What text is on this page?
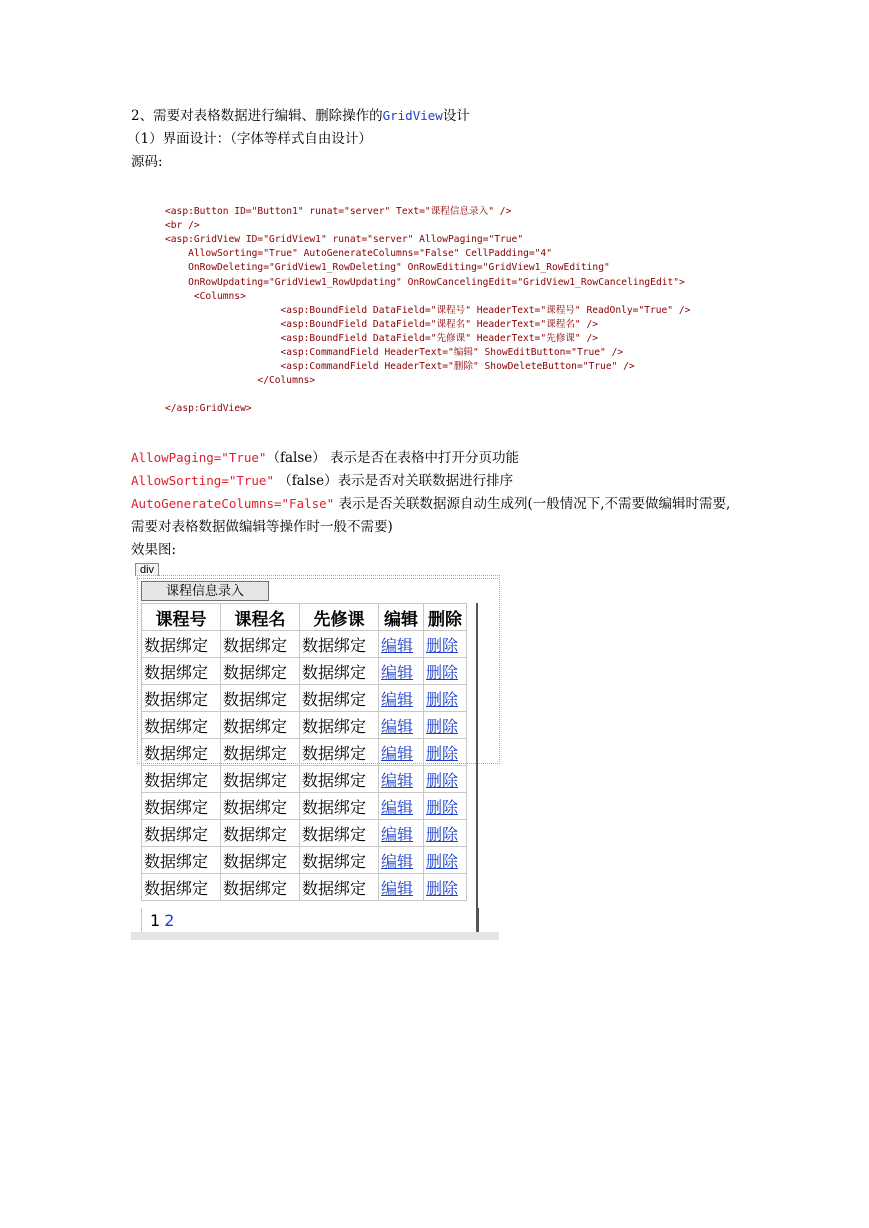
2、需要对表格数据进行编辑、删除操作的GridView设计
（1）界面设计：（字体等样式自由设计）
源码:
<asp:Button ID="Button1" runat="server" Text="课程信息录入" />
<br />
<asp:GridView ID="GridView1" runat="server" AllowPaging="True"
AllowSorting="True" AutoGenerateColumns="False" CellPadding="4"
OnRowDeleting="GridView1_RowDeleting" OnRowEditing="GridView1_RowEditing"
OnRowUpdating="GridView1_RowUpdating" OnRowCancelingEdit="GridView1_RowCancelingEdit">
<Columns>
<asp:BoundField DataField="课程号" HeaderText="课程号" ReadOnly="True" />
<asp:BoundField DataField="课程名" HeaderText="课程名" />
<asp:BoundField DataField="先修课" HeaderText="先修课" />
<asp:CommandField HeaderText="编辑" ShowEditButton="True" />
<asp:CommandField HeaderText="删除" ShowDeleteButton="True" />
</Columns>
</asp:GridView>
AllowPaging="True"（false） 表示是否在表格中打开分页功能
AllowSorting="True" （false）表示是否对关联数据进行排序
AutoGenerateColumns="False" 表示是否关联数据源自动生成列(一般情况下,不需要做编辑时需要,
需要对表格数据做编辑等操作时一般不需要)
效果图:
div
课程信息录入
课程号	课程名	先修课	编辑	删除
数据绑定	数据绑定	数据绑定	编辑	删除
数据绑定	数据绑定	数据绑定	编辑	删除
数据绑定	数据绑定	数据绑定	编辑	删除
数据绑定	数据绑定	数据绑定	编辑	删除
数据绑定	数据绑定	数据绑定	编辑	删除
数据绑定	数据绑定	数据绑定	编辑	删除
数据绑定	数据绑定	数据绑定	编辑	删除
数据绑定	数据绑定	数据绑定	编辑	删除
数据绑定	数据绑定	数据绑定	编辑	删除
数据绑定	数据绑定	数据绑定	编辑	删除
1 2
